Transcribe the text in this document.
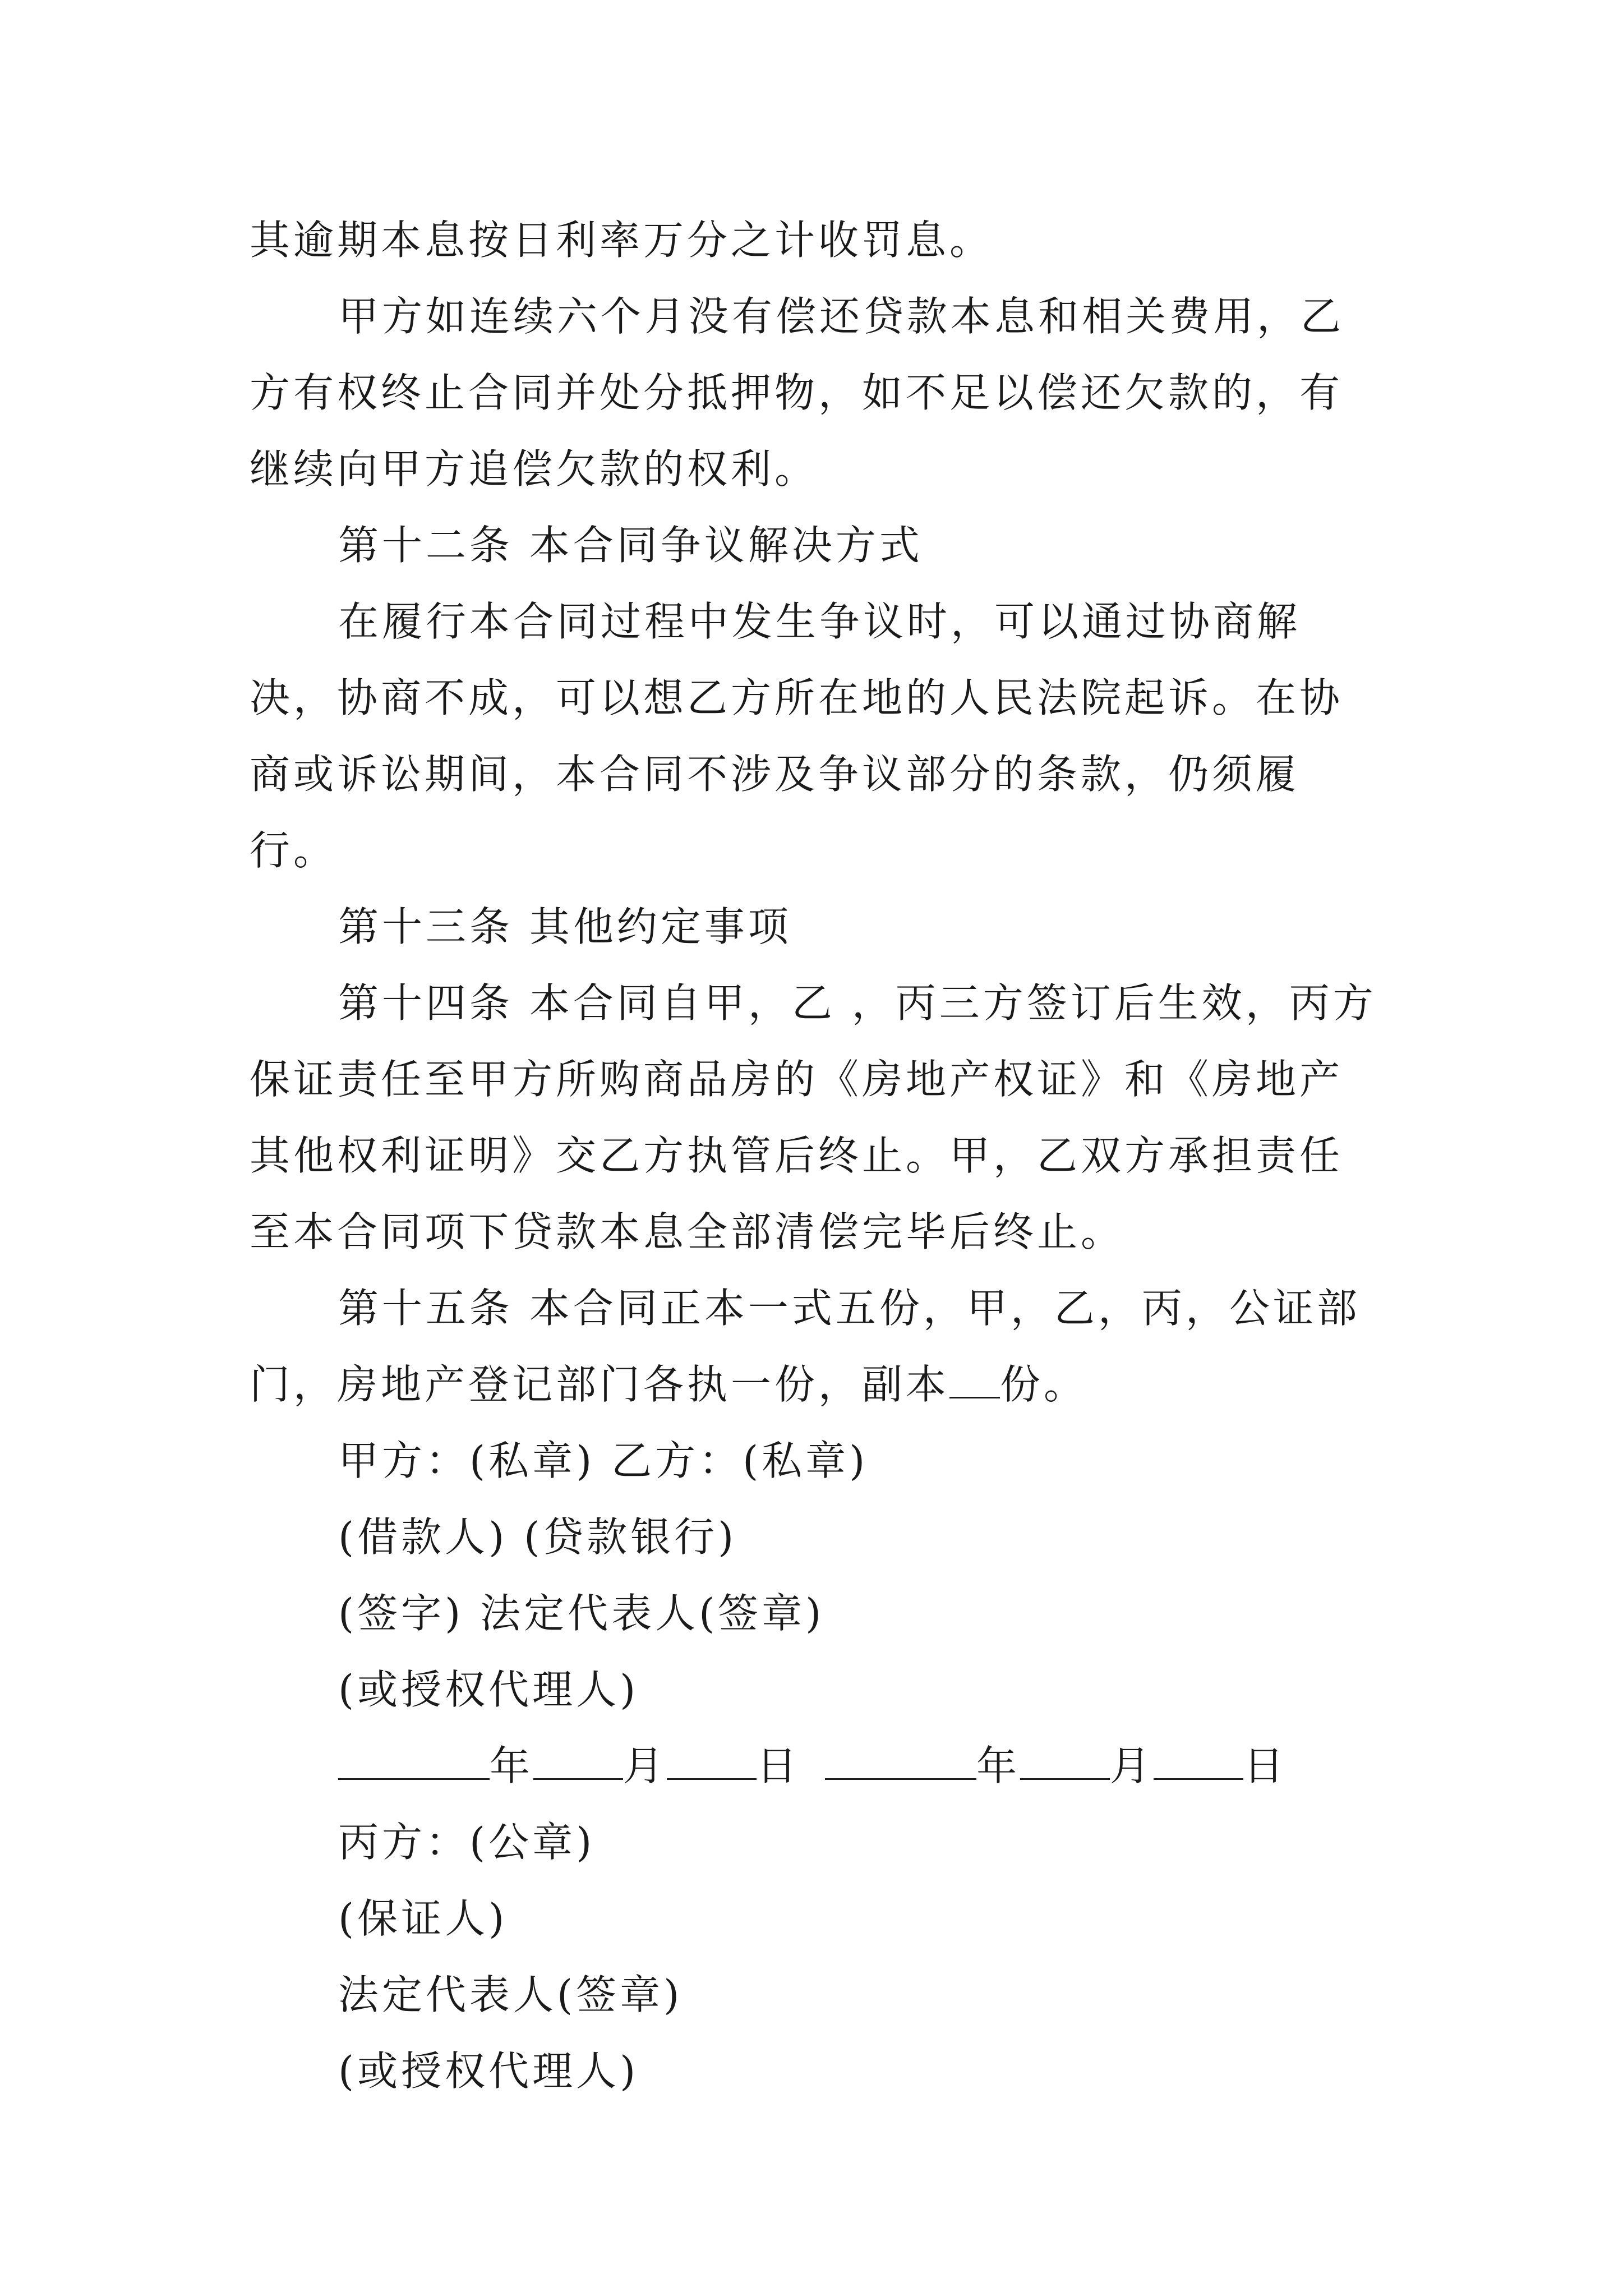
其逾期本息按日利率万分之计收罚息。

甲方如连续六个月没有偿还贷款本息和相关费用，乙方有权终止合同并处分抵押物，如不足以偿还欠款的，有继续向甲方追偿欠款的权利。

第十二条 本合同争议解决方式

在履行本合同过程中发生争议时，可以通过协商解决，协商不成，可以想乙方所在地的人民法院起诉。在协商或诉讼期间，本合同不涉及争议部分的条款，仍须履行。

第十三条 其他约定事项

第十四条 本合同自甲，乙 ，丙三方签订后生效，丙方保证责任至甲方所购商品房的《房地产权证》和《房地产其他权利证明》交乙方执管后终止。甲，乙双方承担责任至本合同项下贷款本息全部清偿完毕后终止。

第十五条 本合同正本一式五份，甲，乙，丙，公证部门，房地产登记部门各执一份，副本 份。

甲方：(私章) 乙方：(私章)

(借款人) (贷款银行)

(签字) 法定代表人(签章)

(或授权代理人)

年 月 日	年 月 日

丙方：(公章)

(保证人)

法定代表人(签章)

(或授权代理人)
